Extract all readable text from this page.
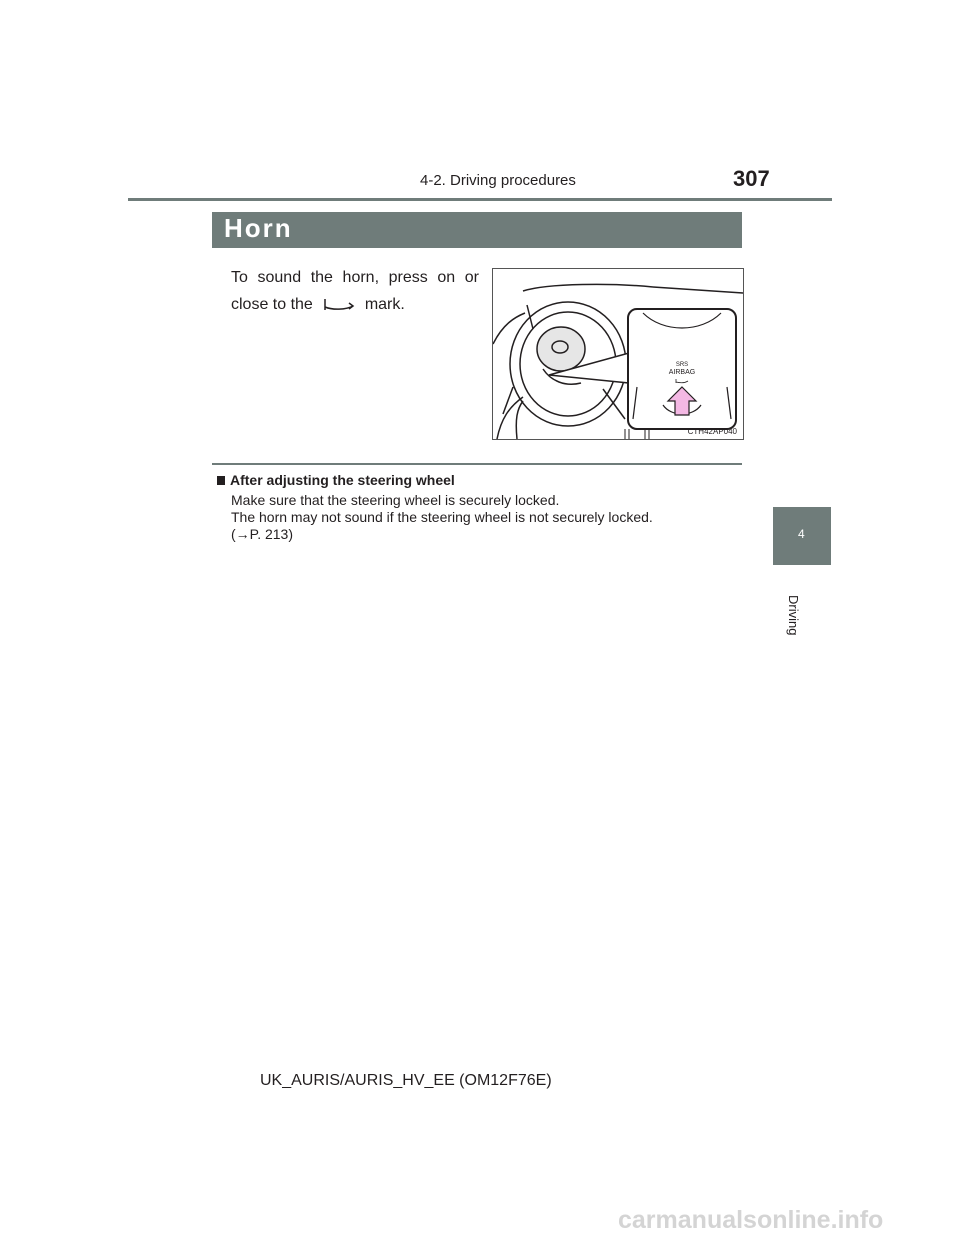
4-2. Driving procedures	307
Horn
To sound the horn, press on or close to the	mark.
SRS
AIRBAG
CTH42AP040
After adjusting the steering wheel

Make sure that the steering wheel is securely locked.

The horn may not sound if the steering wheel is not securely locked.

(→P. 213)	4
Driving
UK_AURIS/AURIS_HV_EE (OM12F76E)
carmanualsonline.info
